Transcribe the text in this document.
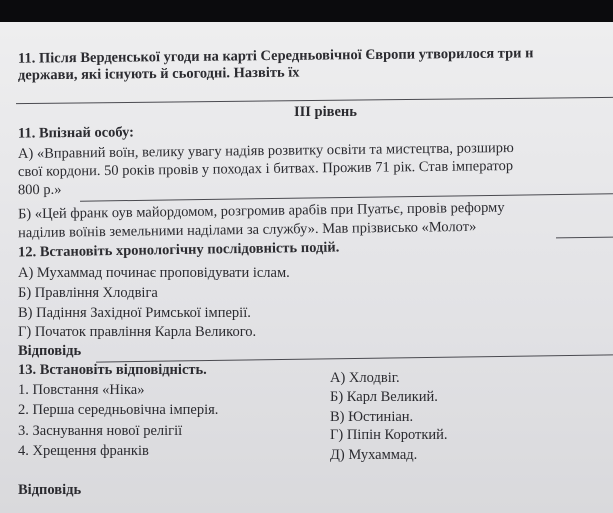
11. Після Верденської угоди на карті Середньовічної Європи утворилося три н
держави, які існують й сьогодні. Назвіть їх
III рівень
11. Впізнай особу:
А) «Вправний воїн, велику увагу надіяв розвитку освіти та мистецтва, розширю
свої кордони. 50 років провів у походах і битвах. Прожив 71 рік. Став імператор
800 р.»
Б) «Цей франк оув майордомом, розгромив арабів при Пуатьє, провів реформу
наділив воїнів земельними наділами за службу». Мав прізвисько «Молот»
12. Встановіть хронологічну послідовність подій.
А) Мухаммад починає проповідувати іслам.
Б) Правління Хлодвіга
В) Падіння Західної Римської імперії.
Г) Початок правління Карла Великого.
Відповідь
13. Встановіть відповідність.
1. Повстання «Ніка»
2. Перша середньовічна імперія.
3. Заснування нової релігії
4. Хрещення франків
А) Хлодвіг.
Б) Карл Великий.
В) Юстиніан.
Г) Піпін Короткий.
Д) Мухаммад.
Відповідь
